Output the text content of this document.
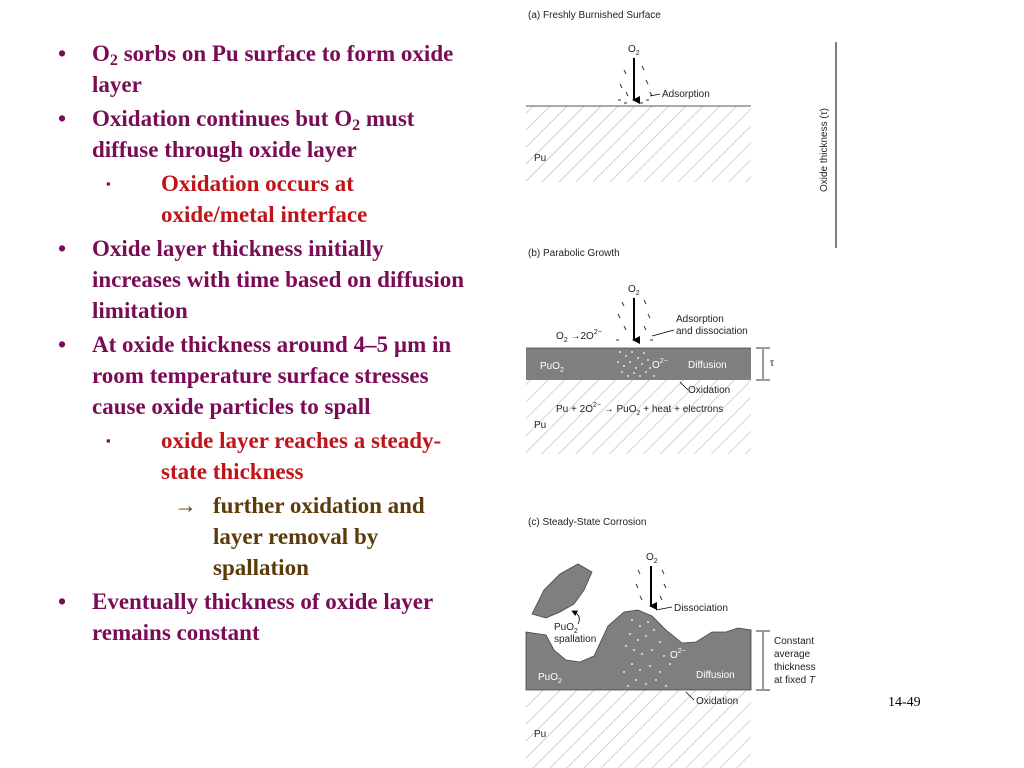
• $O_2$ sorbs on Pu surface to form oxide layer
• Oxidation continues but $O_2$ must diffuse through oxide layer
▪ Oxidation occurs at oxide/metal interface
• Oxide layer thickness initially increases with time based on diffusion limitation
• At oxide thickness around 4–5 µm in room temperature surface stresses cause oxide particles to spall
▪ oxide layer reaches a steady-state thickness
→ further oxidation and layer removal by spallation
• Eventually thickness of oxide layer remains constant
(a) Freshly Burnished Surface
$O_2$
Adsorption
Pu	Oxide thickness (τ)
(b) Parabolic Growth
$O_2$
Adsorption
and dissociation
$O_2 \to 2O^{2-}$
PuO$_2$	$O^{2-}$ Diffusion
Oxidation
τ
$Pu + 2O^{2-} \to PuO_2$ + heat + electrons
Pu
(c) Steady-State Corrosion
$O_2$
Dissociation
PuO$_2$
spallation
$O^{2-}$
Diffusion
PuO$_2$
Oxidation
Constant
average
thickness
at fixed T
Pu
14-49
